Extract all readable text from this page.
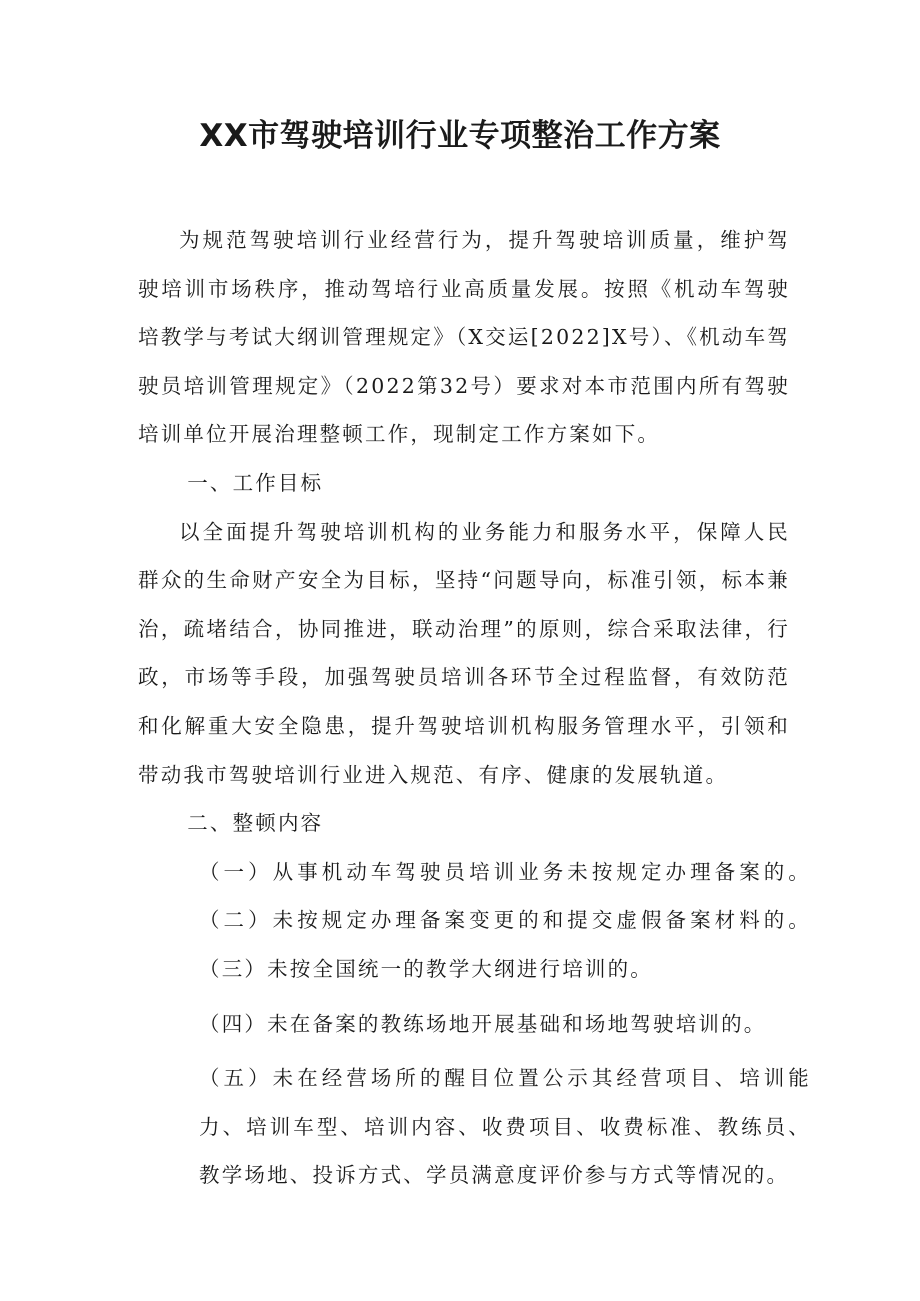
XX市驾驶培训行业专项整治工作方案

为规范驾驶培训行业经营行为，提升驾驶培训质量，维护驾驶培训市场秩序，推动驾培行业高质量发展。按照《机动车驾驶培教学与考试大纲训管理规定》（X交运[2022]X号）、《机动车驾驶员培训管理规定》（2022第32号）要求对本市范围内所有驾驶培训单位开展治理整顿工作，现制定工作方案如下。

一、工作目标

以全面提升驾驶培训机构的业务能力和服务水平，保障人民群众的生命财产安全为目标，坚持“问题导向，标准引领，标本兼治，疏堵结合，协同推进，联动治理”的原则，综合采取法律，行政，市场等手段，加强驾驶员培训各环节全过程监督，有效防范和化解重大安全隐患，提升驾驶培训机构服务管理水平，引领和带动我市驾驶培训行业进入规范、有序、健康的发展轨道。

二、整顿内容

（一）从事机动车驾驶员培训业务未按规定办理备案的。（二）未按规定办理备案变更的和提交虚假备案材料的。（三）未按全国统一的教学大纲进行培训的。

（四）未在备案的教练场地开展基础和场地驾驶培训的。

（五）未在经营场所的醒目位置公示其经营项目、培训能力、培训车型、培训内容、收费项目、收费标准、教练员、教学场地、投诉方式、学员满意度评价参与方式等情况的。
